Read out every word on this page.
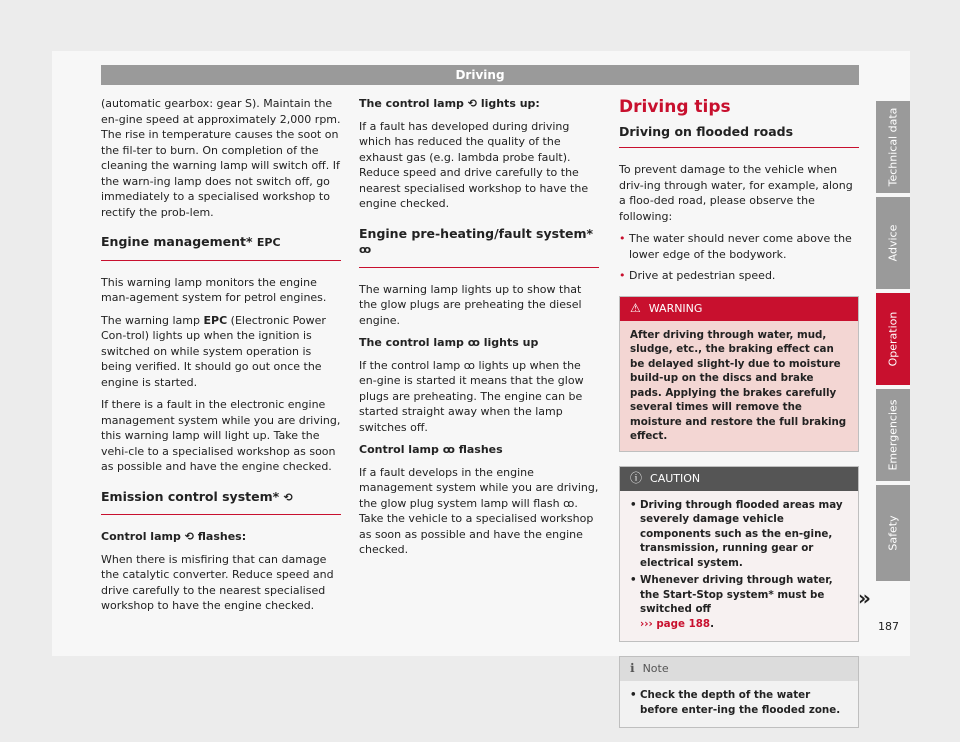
Driving

(automatic gearbox: gear S). Maintain the en-gine speed at approximately 2,000 rpm. The rise in temperature causes the soot on the fil-ter to burn. On completion of the cleaning the warning lamp will switch off. If the warn-ing lamp does not switch off, go immediately to a specialised workshop to rectify the prob-lem.

Engine management* EPC

This warning lamp monitors the engine man-agement system for petrol engines.

The warning lamp EPC (Electronic Power Con-trol) lights up when the ignition is switched on while system operation is being verified. It should go out once the engine is started.

If there is a fault in the electronic engine management system while you are driving, this warning lamp will light up. Take the vehi-cle to a specialised workshop as soon as possible and have the engine checked.

Emission control system* ⟲

Control lamp ⟲ flashes:

When there is misfiring that can damage the catalytic converter. Reduce speed and drive carefully to the nearest specialised workshop to have the engine checked.

The control lamp ⟲ lights up:

If a fault has developed during driving which has reduced the quality of the exhaust gas (e.g. lambda probe fault). Reduce speed and drive carefully to the nearest specialised workshop to have the engine checked.

Engine pre-heating/fault system* ꝏ

The warning lamp lights up to show that the glow plugs are preheating the diesel engine.

The control lamp ꝏ lights up

If the control lamp ꝏ lights up when the en-gine is started it means that the glow plugs are preheating. The engine can be started straight away when the lamp switches off.

Control lamp ꝏ flashes

If a fault develops in the engine management system while you are driving, the glow plug system lamp will flash ꝏ. Take the vehicle to a specialised workshop as soon as possible and have the engine checked.

Driving tips
Driving on flooded roads

To prevent damage to the vehicle when driv-ing through water, for example, along a floo-ded road, please observe the following:

• The water should never come above the lower edge of the bodywork.
• Drive at pedestrian speed.
⚠ WARNING
After driving through water, mud, sludge, etc., the braking effect can be delayed slight-ly due to moisture build-up on the discs and brake pads. Applying the brakes carefully several times will remove the moisture and restore the full braking effect.
ⓘ CAUTION
• Driving through flooded areas may severely damage vehicle components such as the en-gine, transmission, running gear or electrical system.
• Whenever driving through water, the Start-Stop system* must be switched off
››› page 188.
ℹ Note
• Check the depth of the water before enter-ing the flooded zone.
»
Technical data
Advice
Operation
Emergencies
Safety
187
